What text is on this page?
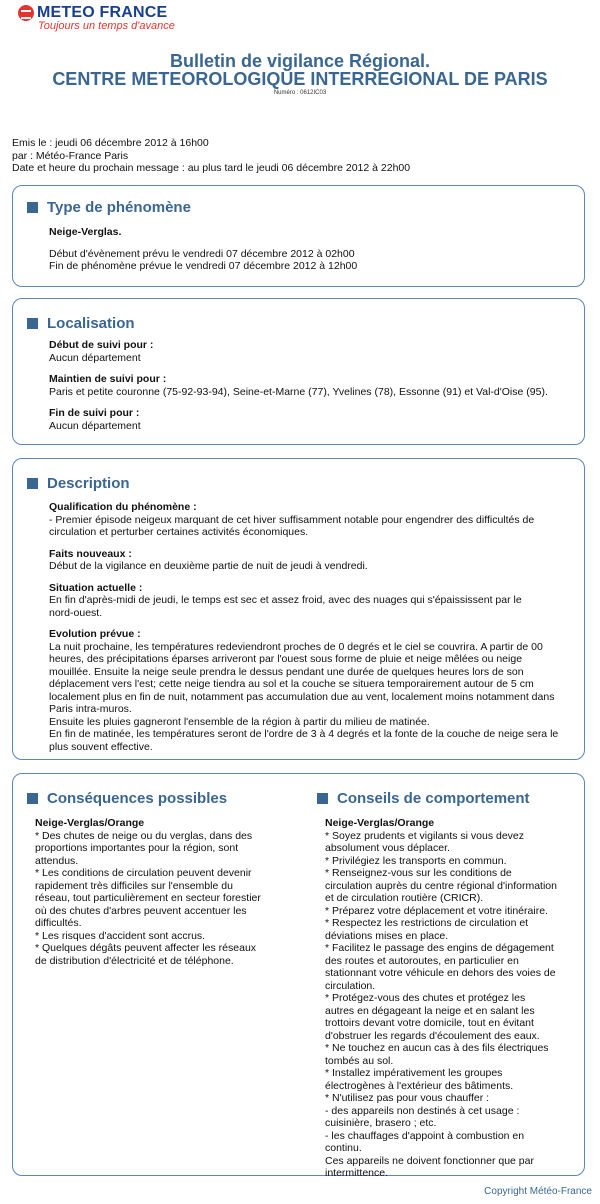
METEO FRANCE
Toujours un temps d'avance
Bulletin de vigilance Régional.
CENTRE METEOROLOGIQUE INTERREGIONAL DE PARIS
Numéro : 0612IC03
Emis le : jeudi 06 décembre 2012 à 16h00
par : Météo-France Paris
Date et heure du prochain message : au plus tard le jeudi 06 décembre 2012 à 22h00
Type de phénomène
Neige-Verglas.
Début d'évènement prévu le vendredi 07 décembre 2012 à 02h00
Fin de phénomène prévue le vendredi 07 décembre 2012 à 12h00
Localisation
Début de suivi pour :
Aucun département
Maintien de suivi pour :
Paris et petite couronne (75-92-93-94), Seine-et-Marne (77), Yvelines (78), Essonne (91) et Val-d'Oise (95).
Fin de suivi pour :
Aucun département
Description
Qualification du phénomène :
- Premier épisode neigeux marquant de cet hiver suffisamment notable pour engendrer des difficultés de
circulation et perturber certaines activités économiques.
Faits nouveaux :
Début de la vigilance en deuxième partie de nuit de jeudi à vendredi.
Situation actuelle :
En fin d'après-midi de jeudi, le temps est sec et assez froid, avec des nuages qui s'épaississent par le
nord-ouest.
Evolution prévue :
La nuit prochaine, les températures redeviendront proches de 0 degrés et le ciel se couvrira. A partir de 00
heures, des précipitations éparses arriveront par l'ouest sous forme de pluie et neige mêlées ou neige
mouillée. Ensuite la neige seule prendra le dessus pendant une durée de quelques heures lors de son
déplacement vers l'est; cette neige tiendra au sol et la couche se situera temporairement autour de 5 cm
localement plus en fin de nuit, notamment pas accumulation due au vent, localement moins notamment dans
Paris intra-muros.
Ensuite les pluies gagneront l'ensemble de la région à partir du milieu de matinée.
En fin de matinée, les températures seront de l'ordre de 3 à 4 degrés et la fonte de la couche de neige sera le
plus souvent effective.
Conséquences possibles
Neige-Verglas/Orange
* Des chutes de neige ou du verglas, dans des
proportions importantes pour la région, sont
attendus.
* Les conditions de circulation peuvent devenir
rapidement très difficiles sur l'ensemble du
réseau, tout particulièrement en secteur forestier
où des chutes d'arbres peuvent accentuer les
difficultés.
* Les risques d'accident sont accrus.
* Quelques dégâts peuvent affecter les réseaux
de distribution d'électricité et de téléphone.
Conseils de comportement
Neige-Verglas/Orange
* Soyez prudents et vigilants si vous devez
absolument vous déplacer.
* Privilégiez les transports en commun.
* Renseignez-vous sur les conditions de
circulation auprès du centre régional d'information
et de circulation routière (CRICR).
* Préparez votre déplacement et votre itinéraire.
* Respectez les restrictions de circulation et
déviations mises en place.
* Facilitez le passage des engins de dégagement
des routes et autoroutes, en particulier en
stationnant votre véhicule en dehors des voies de
circulation.
* Protégez-vous des chutes et protégez les
autres en dégageant la neige et en salant les
trottoirs devant votre domicile, tout en évitant
d'obstruer les regards d'écoulement des eaux.
* Ne touchez en aucun cas à des fils électriques
tombés au sol.
* Installez impérativement les groupes
électrogènes à l'extérieur des bâtiments.
* N'utilisez pas pour vous chauffer :
- des appareils non destinés à cet usage :
cuisinière, brasero ; etc.
- les chauffages d'appoint à combustion en
continu.
Ces appareils ne doivent fonctionner que par
intermittence.
Copyright Météo-France
